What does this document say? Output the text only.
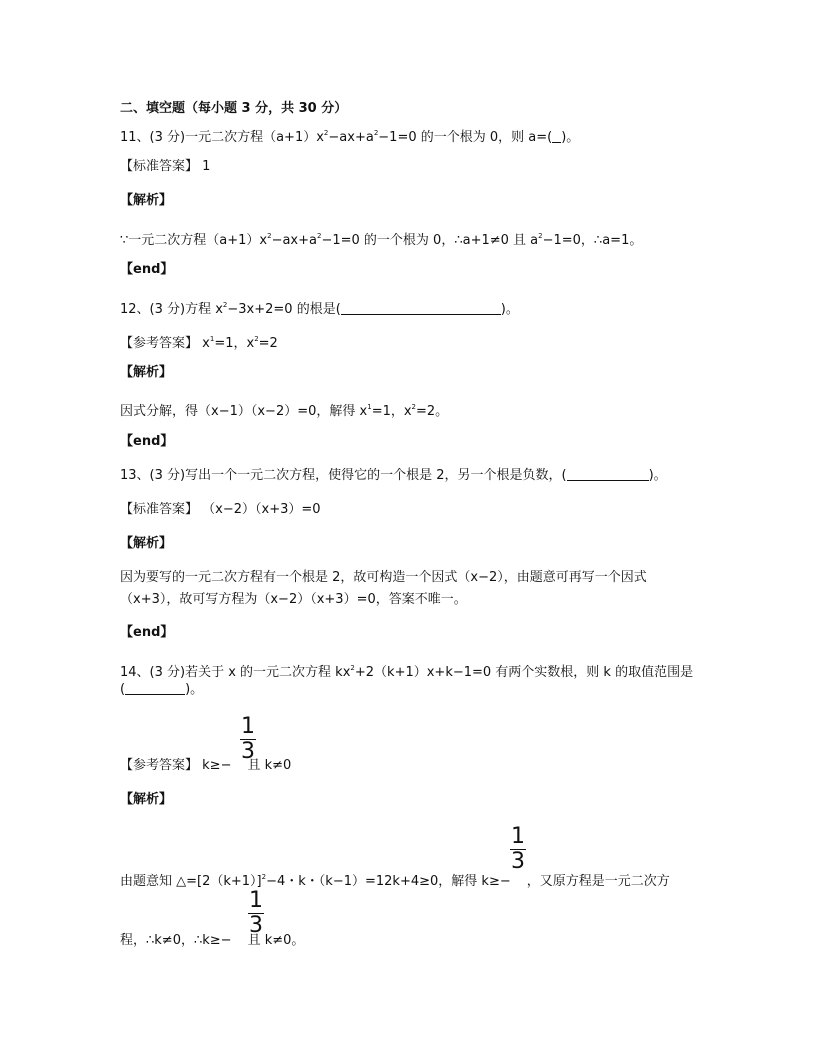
二、填空题（每小题 3 分，共 30 分）
11、(3 分)一元二次方程$(a+1)x^2-ax+a^2-1=0$ 的一个根为 0，则 a=( )。
【标准答案】 1
【解析】
∵一元二次方程$(a+1)x^2-ax+a^2-1=0$ 的一个根为 0，∴a+1≠0 且 $a^2-1=0$，∴a=1。
【end】
12、(3 分)方程 $x^2-3x+2=0$ 的根是(	)。
【参考答案】 $x^1=1$，$x^2=2$
【解析】
因式分解，得（x−1）（x−2）=0，解得 $x^1=1$，$x^2=2$。
【end】
13、(3 分)写出一个一元二次方程，使得它的一个根是 2，另一个根是负数，(	)。
【标准答案】 （x−2）（x+3）=0
【解析】
因为要写的一元二次方程有一个根是 2，故可构造一个因式（x−2），由题意可再写一个因式
（x+3），故可写方程为（x−2）（x+3）=0，答案不唯一。
【end】
14、(3 分)若关于 x 的一元二次方程 $kx^2+2(k+1)x+k-1=0$ 有两个实数根，则 k 的取值范围是
(	)。
【参考答案】 k≥− 且 k≠0
1
3
【解析】
由题意知 $\triangle=[2(k+1)]^2-4$・k・（k−1）=12k+4≥0，解得 k≥− ，又原方程是一元二次方
1
3
程，∴k≠0，∴k≥− 且 k≠0。
1
3
